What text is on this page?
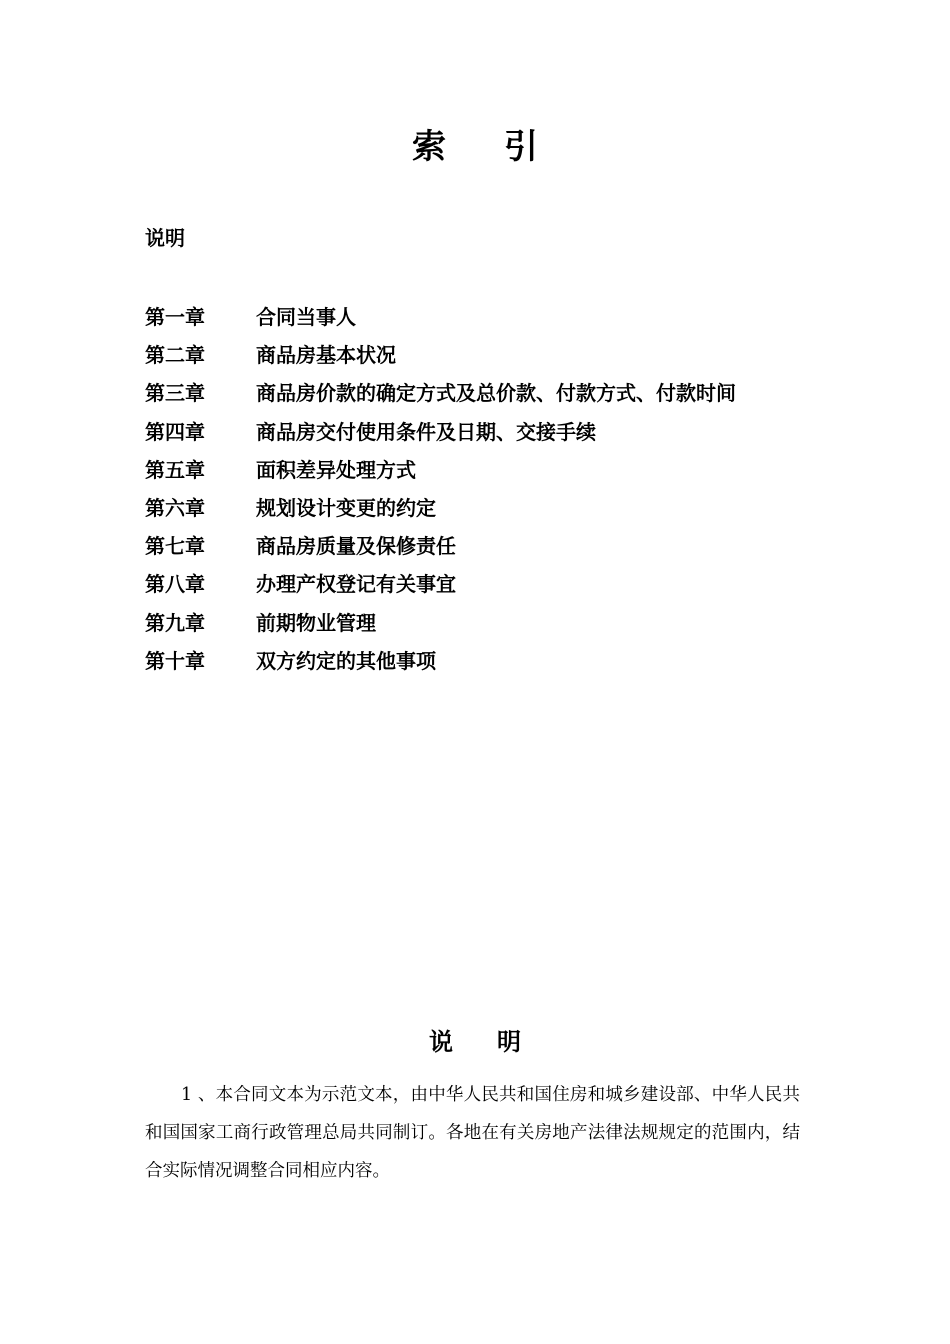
索 引
说明
第一章	合同当事人
第二章	商品房基本状况
第三章	商品房价款的确定方式及总价款、付款方式、付款时间
第四章	商品房交付使用条件及日期、交接手续
第五章	面积差异处理方式
第六章	规划设计变更的约定
第七章	商品房质量及保修责任
第八章	办理产权登记有关事宜
第九章	前期物业管理
第十章	双方约定的其他事项
说 明

1 、本合同文本为示范文本，由中华人民共和国住房和城乡建设部、中华人民共和国国家工商行政管理总局共同制订。各地在有关房地产法律法规规定的范围内，结合实际情况调整合同相应内容。
